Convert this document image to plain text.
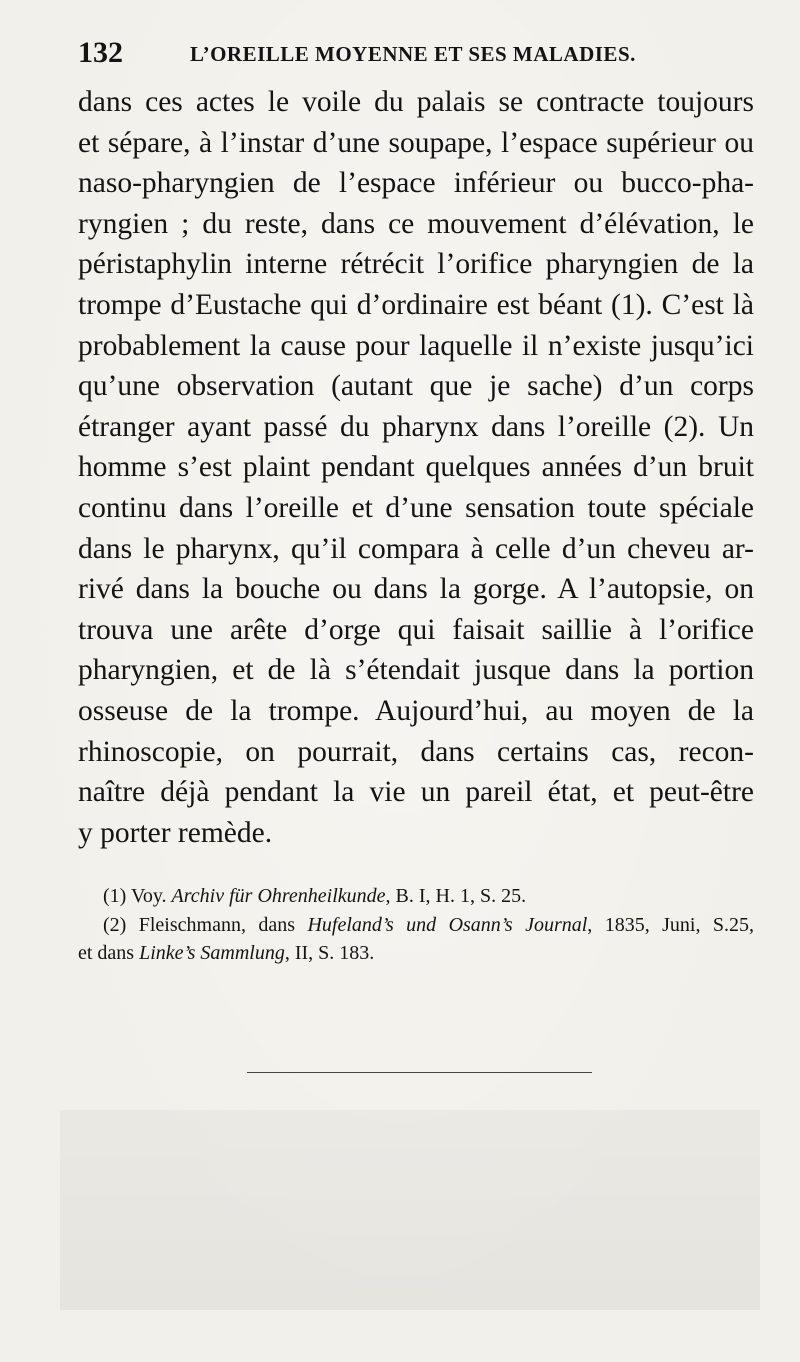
132	L’OREILLE MOYENNE ET SES MALADIES.
dans ces actes le voile du palais se contracte toujours
et sépare, à l’instar d’une soupape, l’espace supérieur ou
naso-pharyngien de l’espace inférieur ou bucco-pha-
ryngien ; du reste, dans ce mouvement d’élévation, le
péristaphylin interne rétrécit l’orifice pharyngien de la
trompe d’Eustache qui d’ordinaire est béant (1). C’est là
probablement la cause pour laquelle il n’existe jusqu’ici
qu’une observation (autant que je sache) d’un corps
étranger ayant passé du pharynx dans l’oreille (2). Un
homme s’est plaint pendant quelques années d’un bruit
continu dans l’oreille et d’une sensation toute spéciale
dans le pharynx, qu’il compara à celle d’un cheveu ar-
rivé dans la bouche ou dans la gorge. A l’autopsie, on
trouva une arête d’orge qui faisait saillie à l’orifice
pharyngien, et de là s’étendait jusque dans la portion
osseuse de la trompe. Aujourd’hui, au moyen de la
rhinoscopie, on pourrait, dans certains cas, recon-
naître déjà pendant la vie un pareil état, et peut-être
y porter remède.
(1) Voy. Archiv für Ohrenheilkunde, B. I, H. 1, S. 25.
(2) Fleischmann, dans Hufeland’s und Osann’s Journal, 1835, Juni, S.25,
et dans Linke’s Sammlung, II, S. 183.
